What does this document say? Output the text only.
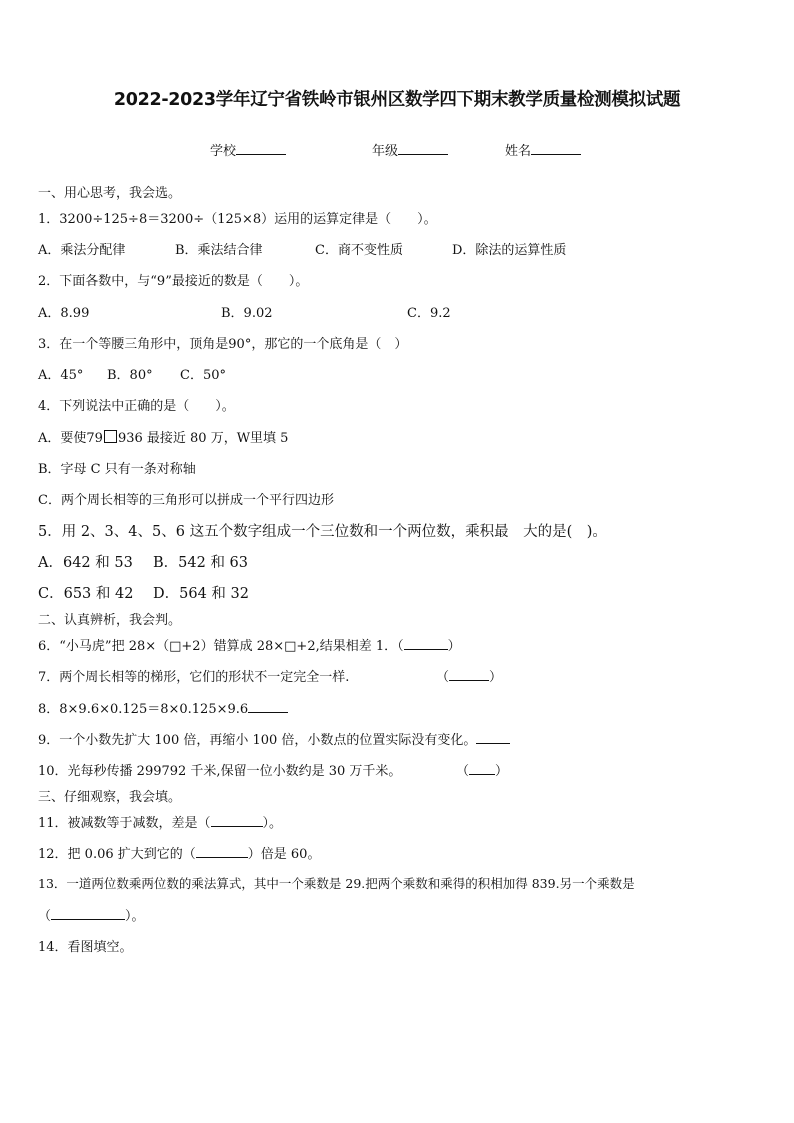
2022-2023学年辽宁省铁岭市银州区数学四下期末教学质量检测模拟试题
学校	年级	姓名
一、用心思考，我会选。
1．3200÷125÷8＝3200÷（125×8）运用的运算定律是（　　）。
A．乘法分配律	B．乘法结合律	C．商不变性质	D．除法的运算性质
2．下面各数中，与“9”最接近的数是（　　）。
A．8.99	B．9.02	C．9.2
3．在一个等腰三角形中，顶角是90°，那它的一个底角是（　）
A．45° B．80° C．50°
4．下列说法中正确的是（　　）。
A．要使79 936 最接近 80 万，W里填 5
B．字母 C 只有一条对称轴
C．两个周长相等的三角形可以拼成一个平行四边形
5．用 2、3、4、5、6 这五个数字组成一个三位数和一个两位数，乘积最　大的是(　)。
A．642 和 53 B．542 和 63
C．653 和 42 D．564 和 32
二、认真辨析，我会判。
6．“小马虎”把 28×（□+2）错算成 28×□+2,结果相差 1．（	）
7．两个周长相等的梯形，它们的形状不一定完全一样.	（	）
8．8×9.6×0.125＝8×0.125×9.6
9．一个小数先扩大 100 倍，再缩小 100 倍，小数点的位置实际没有变化。
10．光每秒传播 299792 千米,保留一位小数约是 30 万千米。	（ ）
三、仔细观察，我会填。
11．被减数等于减数，差是（	）。
12．把 0.06 扩大到它的（	）倍是 60。
13．一道两位数乘两位数的乘法算式，其中一个乘数是 29.把两个乘数和乘得的积相加得 839.另一个乘数是
（	）。
14．看图填空。
